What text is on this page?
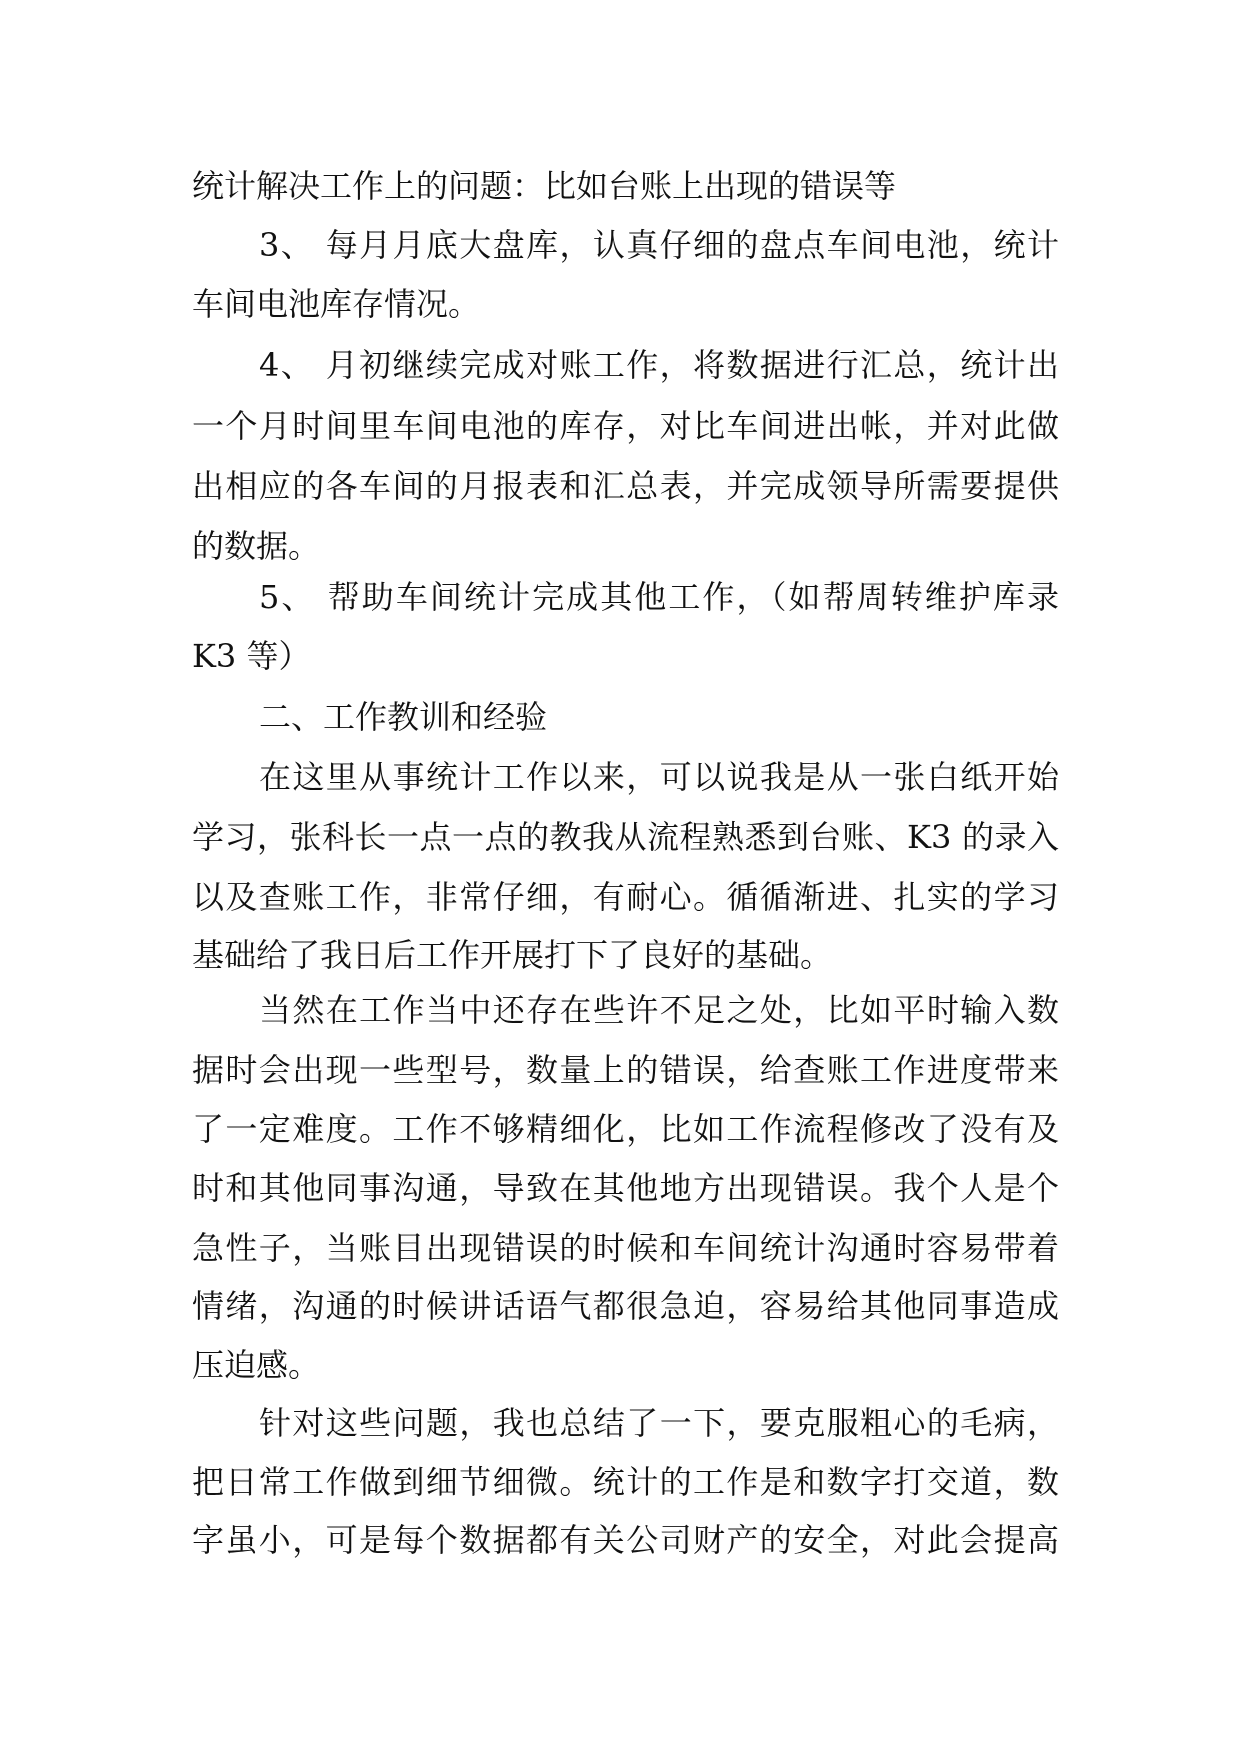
统计解决工作上的问题：比如台账上出现的错误等
3、 每月月底大盘库，认真仔细的盘点车间电池，统计
车间电池库存情况。
4、 月初继续完成对账工作，将数据进行汇总，统计出
一个月时间里车间电池的库存，对比车间进出帐，并对此做
出相应的各车间的月报表和汇总表，并完成领导所需要提供
的数据。
5、 帮助车间统计完成其他工作，（如帮周转维护库录
K3 等）
二、工作教训和经验
在这里从事统计工作以来，可以说我是从一张白纸开始
学习，张科长一点一点的教我从流程熟悉到台账、K3 的录入
以及查账工作，非常仔细，有耐心。循循渐进、扎实的学习
基础给了我日后工作开展打下了良好的基础。
当然在工作当中还存在些许不足之处，比如平时输入数
据时会出现一些型号，数量上的错误，给查账工作进度带来
了一定难度。工作不够精细化，比如工作流程修改了没有及
时和其他同事沟通，导致在其他地方出现错误。我个人是个
急性子，当账目出现错误的时候和车间统计沟通时容易带着
情绪，沟通的时候讲话语气都很急迫，容易给其他同事造成
压迫感。
针对这些问题，我也总结了一下，要克服粗心的毛病，
把日常工作做到细节细微。统计的工作是和数字打交道，数
字虽小，可是每个数据都有关公司财产的安全，对此会提高
